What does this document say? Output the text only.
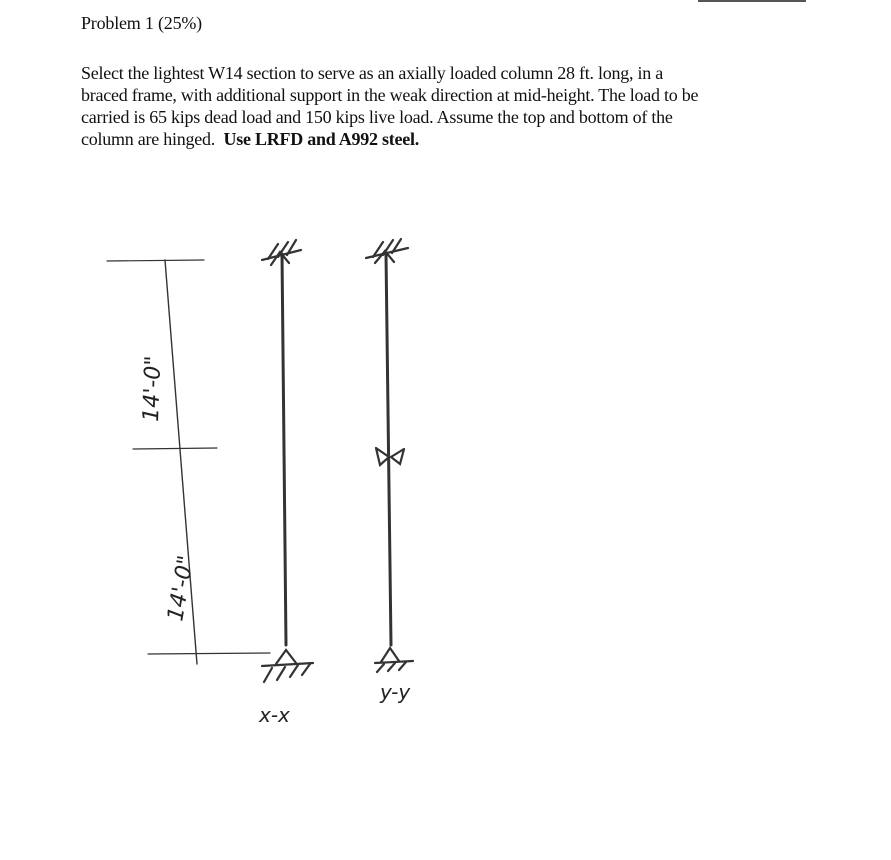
Problem 1 (25%)
Select the lightest W14 section to serve as an axially loaded column 28 ft. long, in a
braced frame, with additional support in the weak direction at mid-height. The load to be
carried is 65 kips dead load and 150 kips live load. Assume the top and bottom of the
column are hinged.  Use LRFD and A992 steel.
14'-0"
14'-0"
x-x
y-y
